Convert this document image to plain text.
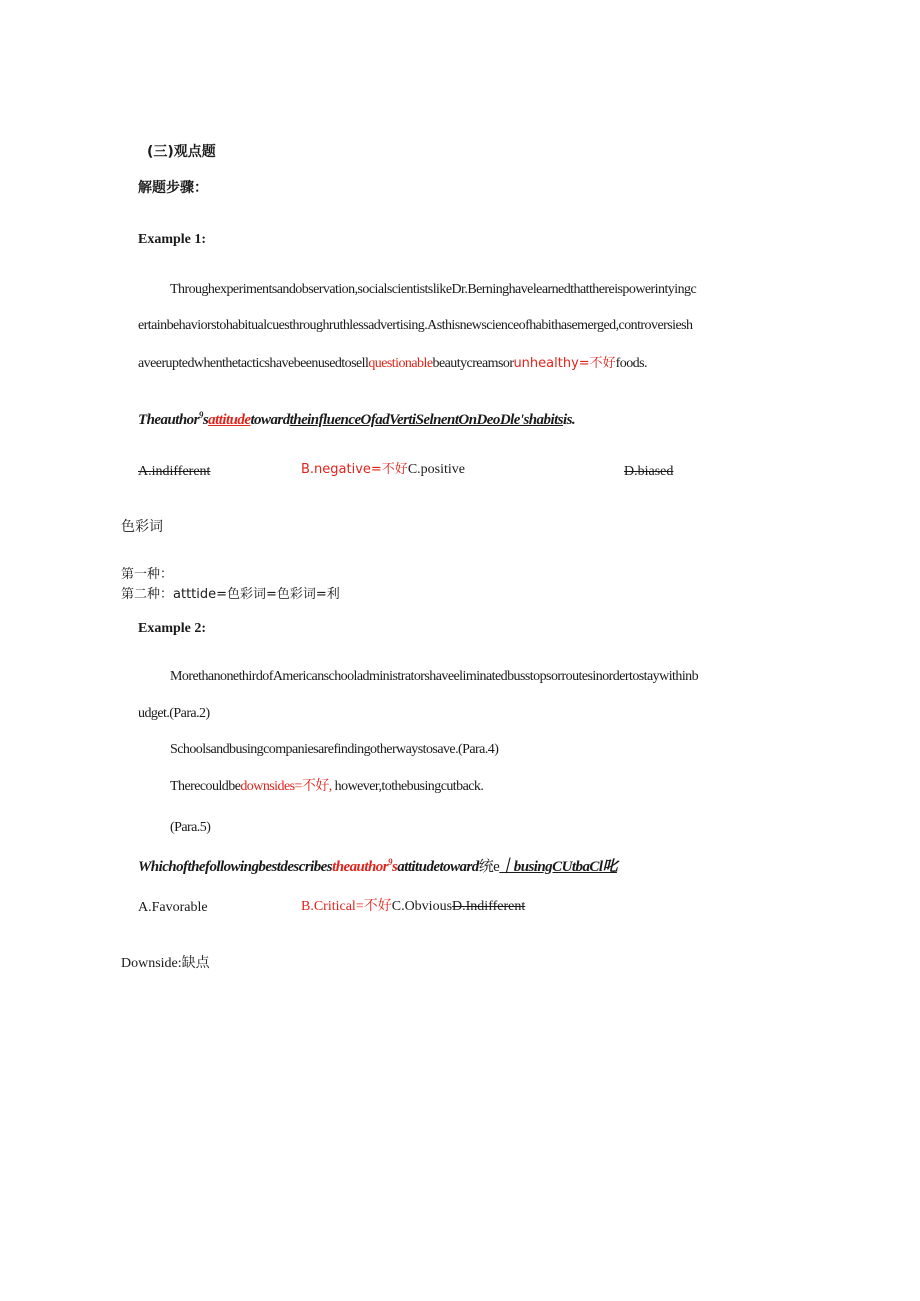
(三)观点题
解题步骤：
Example 1:
Throughexperimentsandobservation,socialscientistslikeDr.Berninghavelearnedthatthereispowerintyingc
ertainbehaviorstohabitualcuesthroughruthlessadvertising.Asthisnewscienceofhabithasemerged,controversiesh
aveeruptedwhenthetacticshavebeenusedtosellquestionablebeautycreamsorunhealthy=不好foods.
Theauthor$^9$sattitudetowardtheinfluenceOfadVertiSelnentOnDeoDle'shabitsis.
A.indifferent	B.negative=不好C.positive	D.biased
色彩词
第一种：
第二种：atttide=色彩词=色彩词=利
Example 2:
MorethanonethirdofAmericanschooladministratorshaveeliminatedbusstopsorroutesinordertostaywithinb
udget.(Para.2)
Schoolsandbusingcompaniesarefindingotherwaystosave.(Para.4)
Therecouldbedownsides=不好, however,tothebusingcutback.
(Para.5)
Whichofthefollowingbestdescribestheauthor$^9$sattitudetoward统e｜busingCUtbaCl叱
A.Favorable	B.Critical=不好C.ObviousD.Indifferent
Downside:缺点
